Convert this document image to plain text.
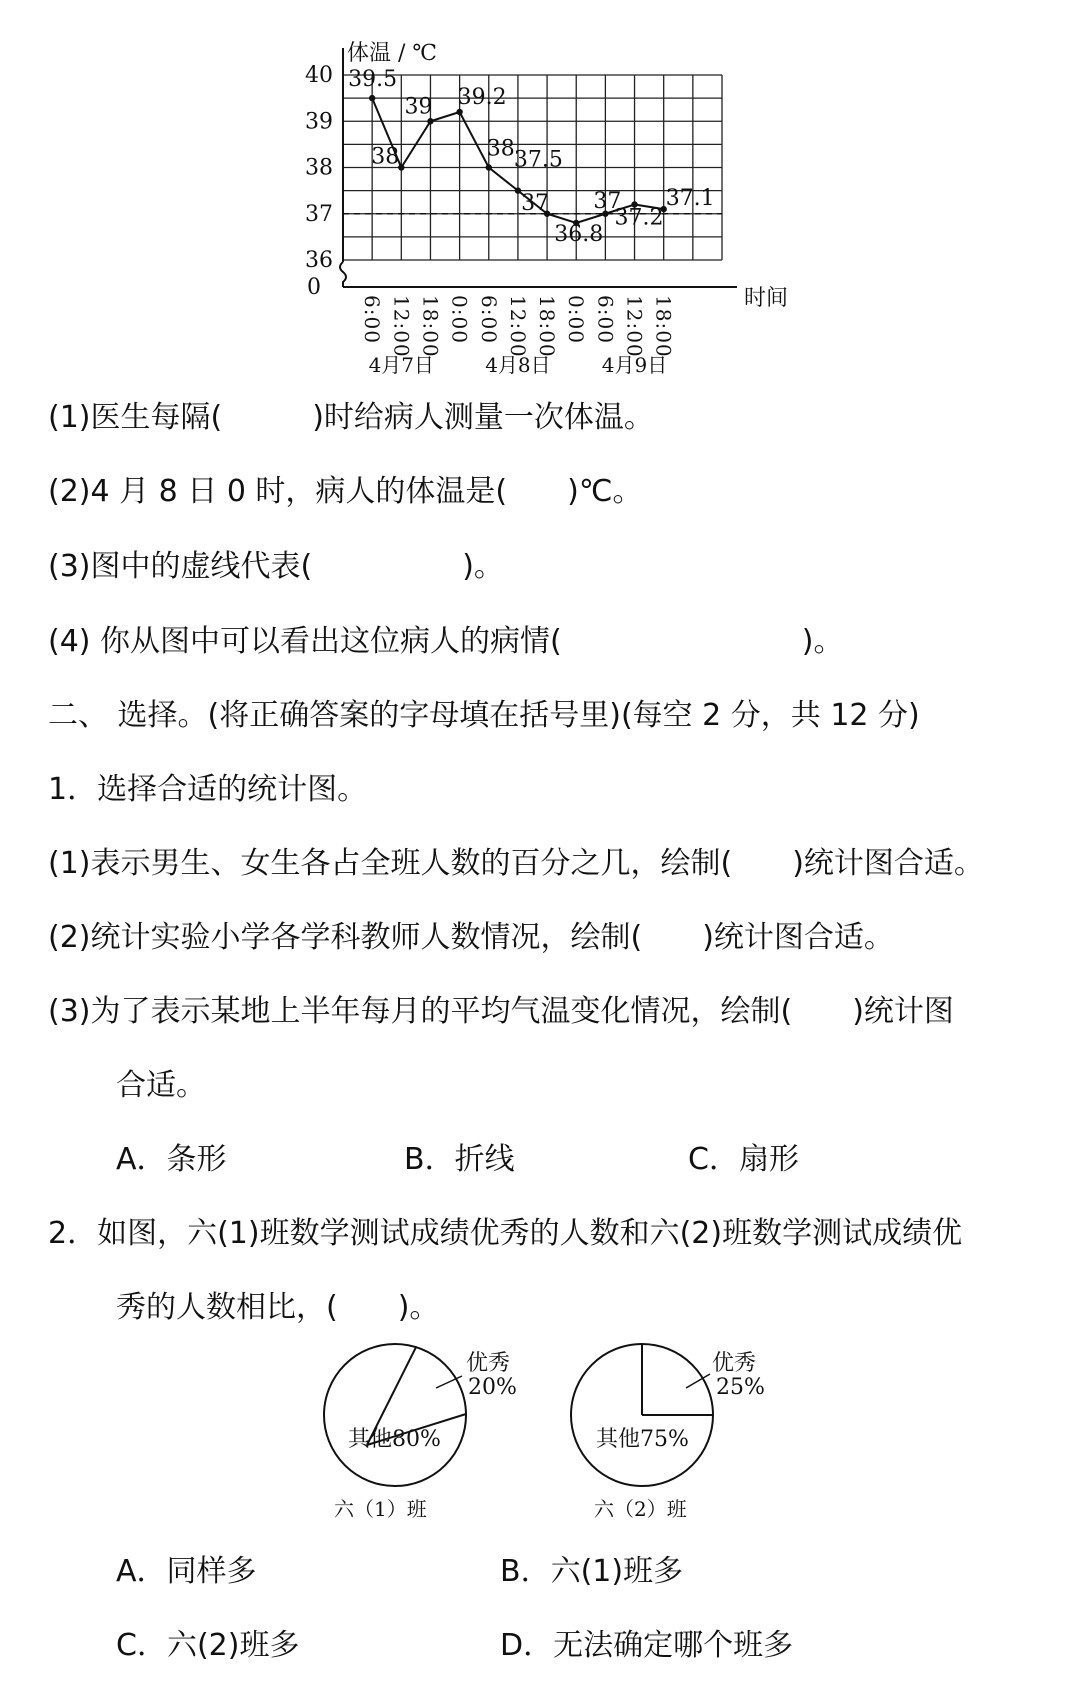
40
39
38
37
36
0
体温 / ℃
时间
6:00 12:00 18:00 0:00 6:00 12:00 18:00 0:00 6:00 12:00 18:00
4月7日	4月8日	4月9日
39.5
38
39 39.2
38 37.5
37
36.8
37
37.2
37.1
(1)医生每隔(　　　)时给病人测量一次体温。
(2)4 月 8 日 0 时，病人的体温是(　　)℃。
(3)图中的虚线代表(　　　　　)。
(4) 你从图中可以看出这位病人的病情(　　　　　　　　)。
二、 选择。(将正确答案的字母填在括号里)(每空 2 分，共 12 分)
1．选择合适的统计图。
(1)表示男生、女生各占全班人数的百分之几，绘制(　　)统计图合适。
(2)统计实验小学各学科教师人数情况，绘制(　　)统计图合适。
(3)为了表示某地上半年每月的平均气温变化情况，绘制(　　)统计图
合适。
A．条形	B．折线	C．扇形
2．如图，六(1)班数学测试成绩优秀的人数和六(2)班数学测试成绩优
秀的人数相比，(　　)。
优秀
20%
其他80%
六（1）班
优秀
25%
其他75%
六（2）班
A．同样多	B．六(1)班多
C．六(2)班多	D．无法确定哪个班多
